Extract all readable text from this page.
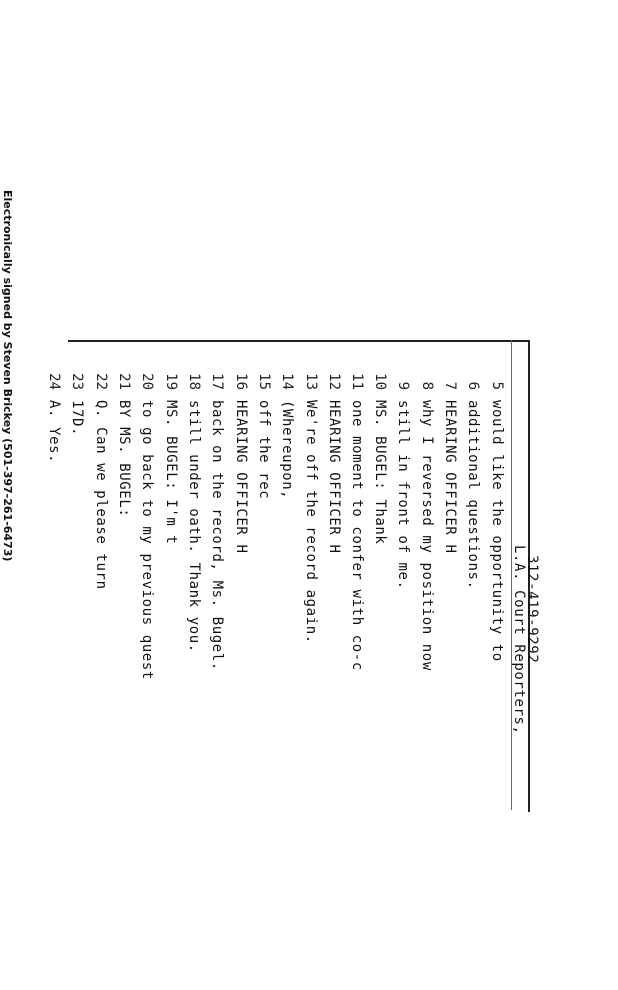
Electronically signed by Steven Brickey (501-397-261-6473)	5
would like the opportunity to
6
additional questions.
7
HEARING OFFICER H
8
why I reversed my position now
9
still in front of me.
10
MS. BUGEL: Thank
11
one moment to confer with co-c
12
HEARING OFFICER H
13
We're off the record again.
14
(Whereupon,
15
off the rec
16
HEARING OFFICER H
17
back on the record, Ms. Bugel.
18
still under oath. Thank you.
19
MS. BUGEL: I'm t
20
to go back to my previous quest
21
BY MS. BUGEL:
22
Q. Can we please turn
23
17D.
24
A. Yes.
L.A. Court Reporters,
312-419-9292
